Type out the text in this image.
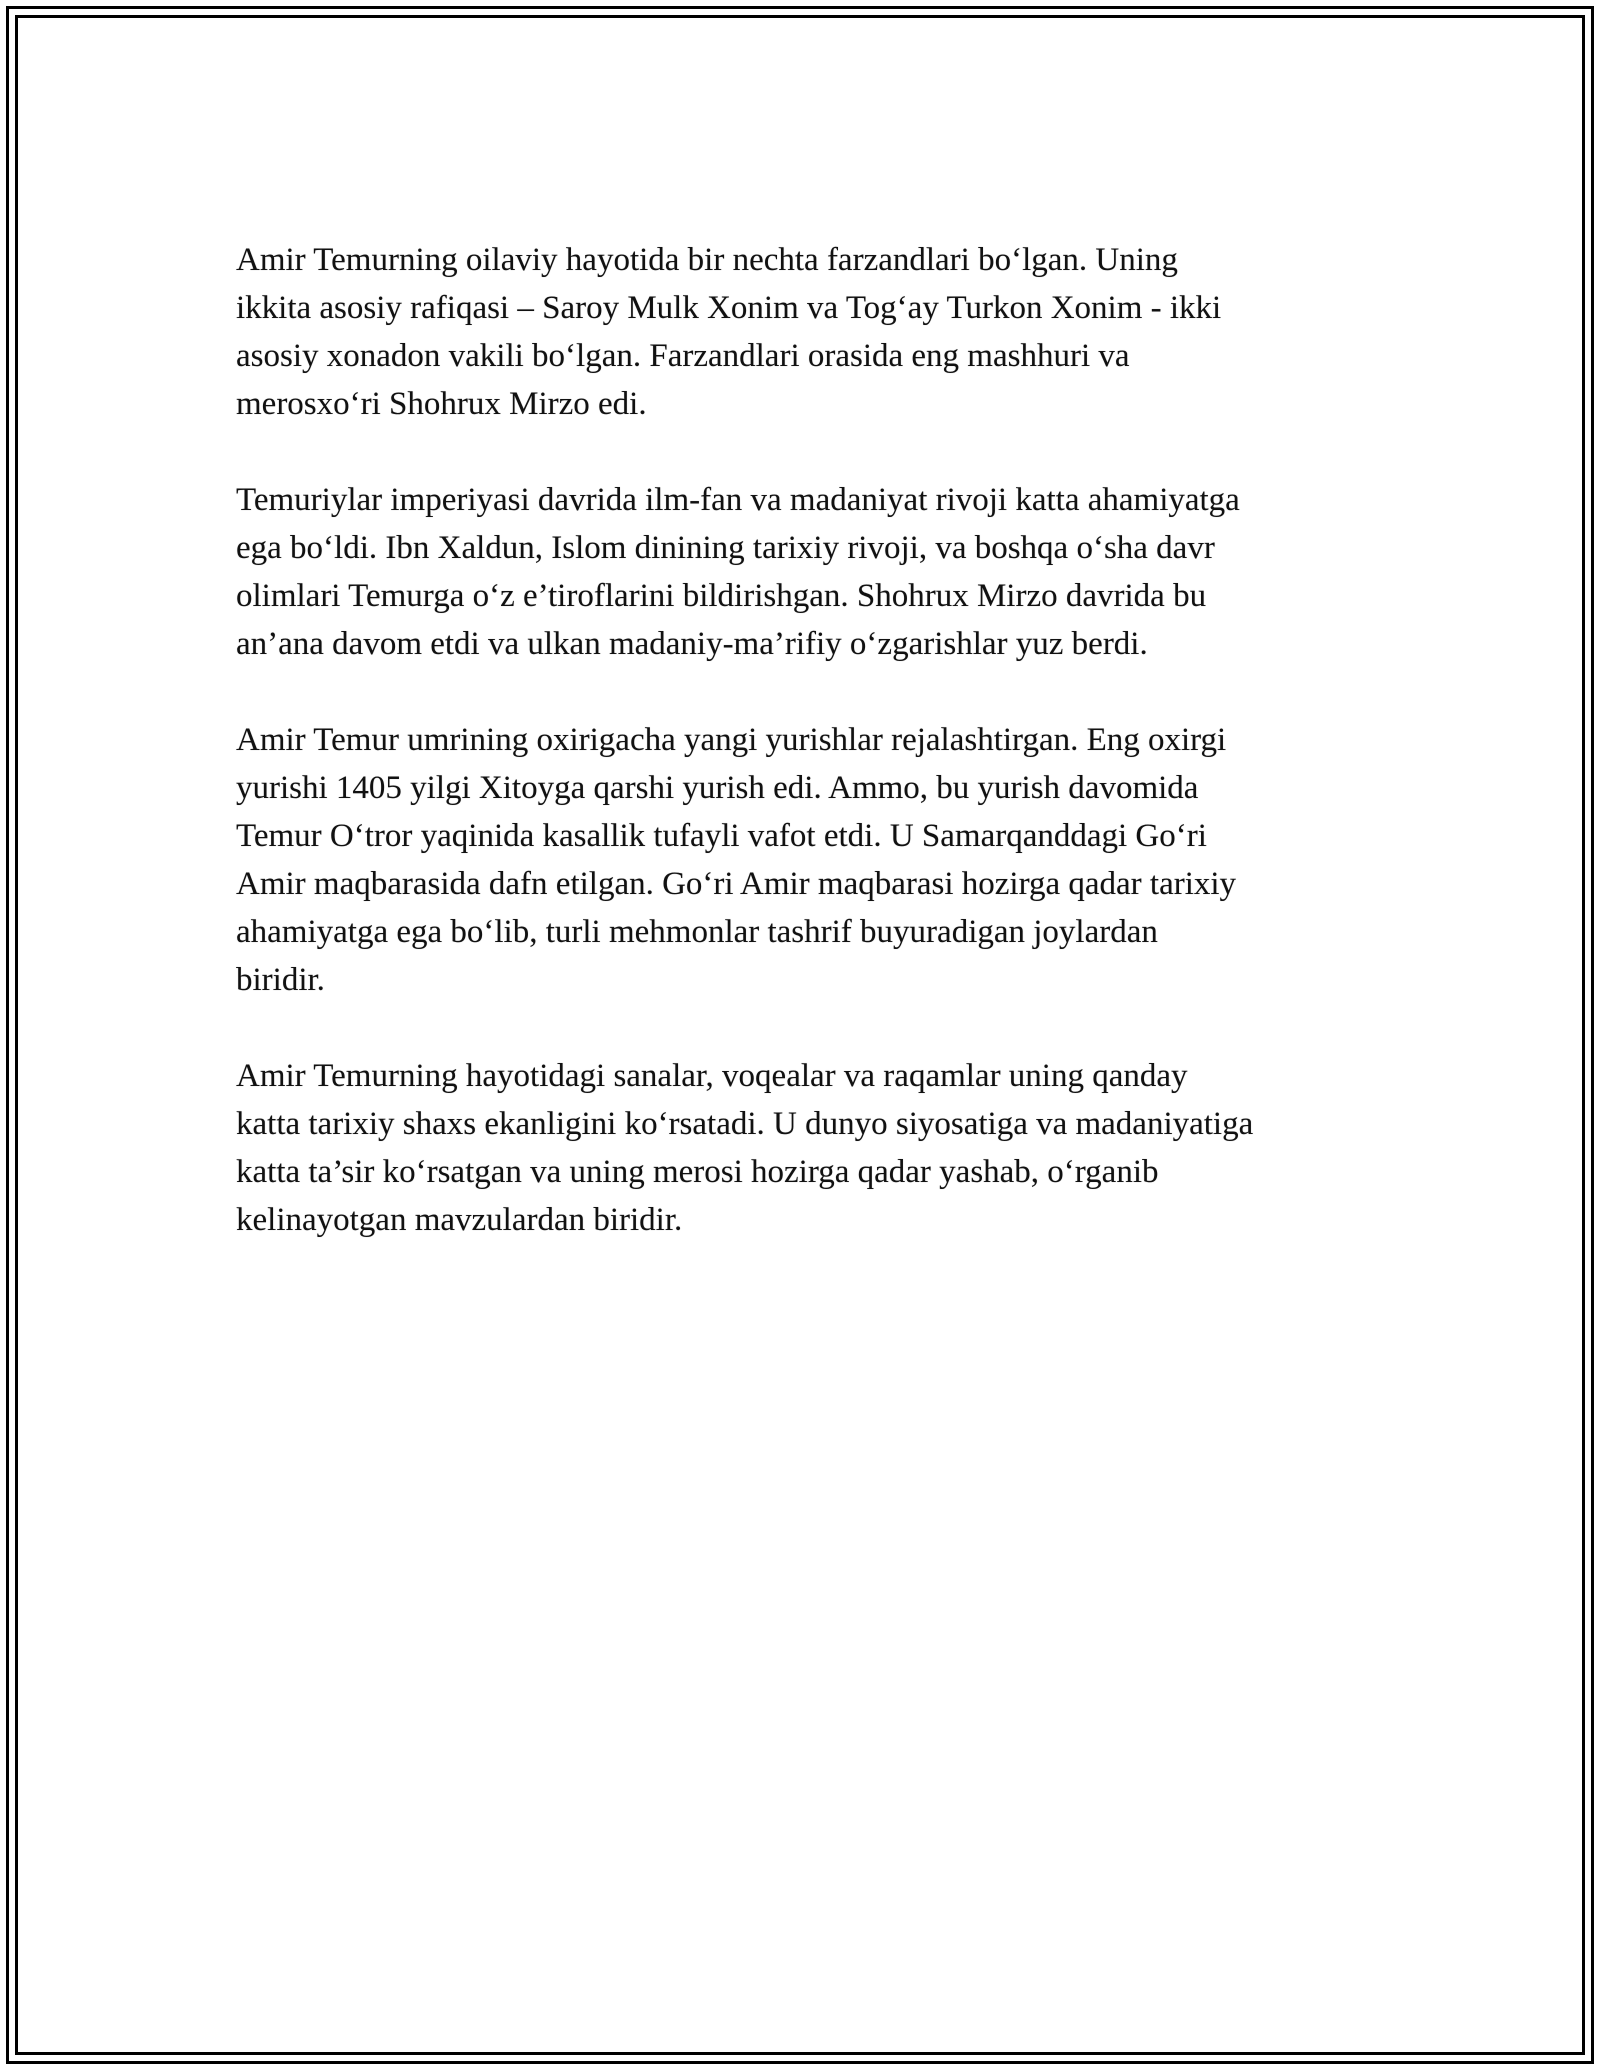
Amir Temurning oilaviy hayotida bir nechta farzandlari bo‘lgan. Uning
ikkita asosiy rafiqasi – Saroy Mulk Xonim va Tog‘ay Turkon Xonim - ikki
asosiy xonadon vakili bo‘lgan. Farzandlari orasida eng mashhuri va
merosxo‘ri Shohrux Mirzo edi.

Temuriylar imperiyasi davrida ilm-fan va madaniyat rivoji katta ahamiyatga
ega bo‘ldi. Ibn Xaldun, Islom dinining tarixiy rivoji, va boshqa o‘sha davr
olimlari Temurga o‘z e’tiroflarini bildirishgan. Shohrux Mirzo davrida bu
an’ana davom etdi va ulkan madaniy-ma’rifiy o‘zgarishlar yuz berdi.

Amir Temur umrining oxirigacha yangi yurishlar rejalashtirgan. Eng oxirgi
yurishi 1405 yilgi Xitoyga qarshi yurish edi. Ammo, bu yurish davomida
Temur O‘tror yaqinida kasallik tufayli vafot etdi. U Samarqanddagi Go‘ri
Amir maqbarasida dafn etilgan. Go‘ri Amir maqbarasi hozirga qadar tarixiy
ahamiyatga ega bo‘lib, turli mehmonlar tashrif buyuradigan joylardan
biridir.

Amir Temurning hayotidagi sanalar, voqealar va raqamlar uning qanday
katta tarixiy shaxs ekanligini ko‘rsatadi. U dunyo siyosatiga va madaniyatiga
katta ta’sir ko‘rsatgan va uning merosi hozirga qadar yashab, o‘rganib
kelinayotgan mavzulardan biridir.
